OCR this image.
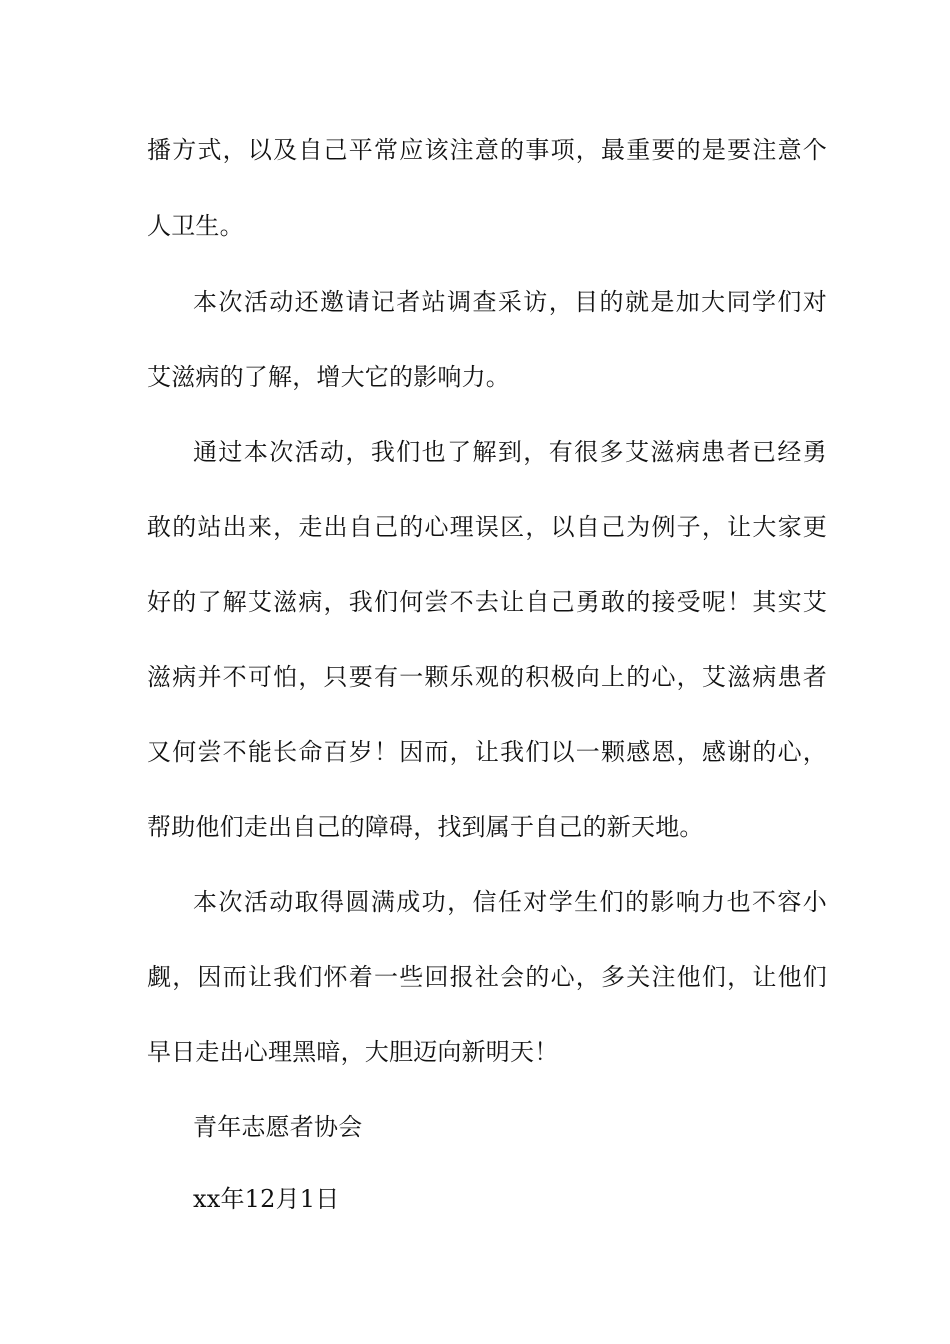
播方式，以及自己平常应该注意的事项，最重要的是要注意个
人卫生。
本次活动还邀请记者站调查采访，目的就是加大同学们对
艾滋病的了解，增大它的影响力。
通过本次活动，我们也了解到，有很多艾滋病患者已经勇
敢的站出来，走出自己的心理误区，以自己为例子，让大家更
好的了解艾滋病，我们何尝不去让自己勇敢的接受呢！其实艾
滋病并不可怕，只要有一颗乐观的积极向上的心，艾滋病患者
又何尝不能长命百岁！因而，让我们以一颗感恩，感谢的心，
帮助他们走出自己的障碍，找到属于自己的新天地。
本次活动取得圆满成功，信任对学生们的影响力也不容小
觑，因而让我们怀着一些回报社会的心，多关注他们，让他们
早日走出心理黑暗，大胆迈向新明天！
青年志愿者协会
xx年12月1日
